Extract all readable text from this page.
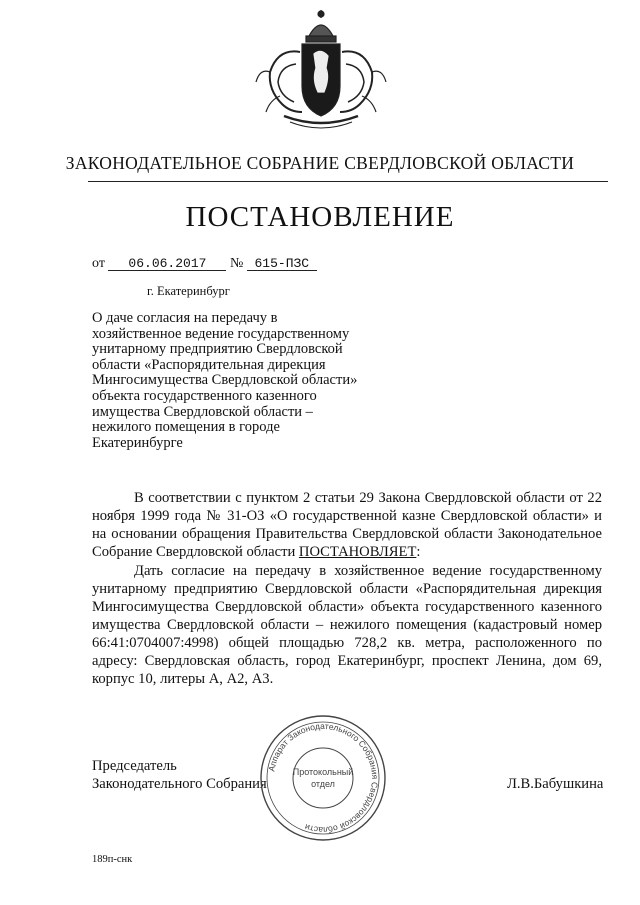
ЗАКОНОДАТЕЛЬНОЕ СОБРАНИЕ СВЕРДЛОВСКОЙ ОБЛАСТИ
ПОСТАНОВЛЕНИЕ
от 06.06.2017 № 615-ПЗС
г. Екатеринбург
О даче согласия на передачу в хозяйственное ведение государственному унитарному предприятию Свердловской области «Распорядительная дирекция Мингосимущества Свердловской области» объекта государственного казенного имущества Свердловской области – нежилого помещения в городе Екатеринбурге
В соответствии с пунктом 2 статьи 29 Закона Свердловской области от 22 ноября 1999 года № 31-ОЗ «О государственной казне Свердловской области» и на основании обращения Правительства Свердловской области Законодательное Собрание Свердловской области ПОСТАНОВЛЯЕТ:
Дать согласие на передачу в хозяйственное ведение государственному унитарному предприятию Свердловской области «Распорядительная дирекция Мингосимущества Свердловской области» объекта государственного казенного имущества Свердловской области – нежилого помещения (кадастровый номер 66:41:0704007:4998) общей площадью 728,2 кв. метра, расположенного по адресу: Свердловская область, город Екатеринбург, проспект Ленина, дом 69, корпус 10, литеры А, А2, А3.
Председатель
Законодательного Собрания	Л.В.Бабушкина
Аппарат Законодательного Собрания Свердловской области
Протокольный
отдел
189п-снк
